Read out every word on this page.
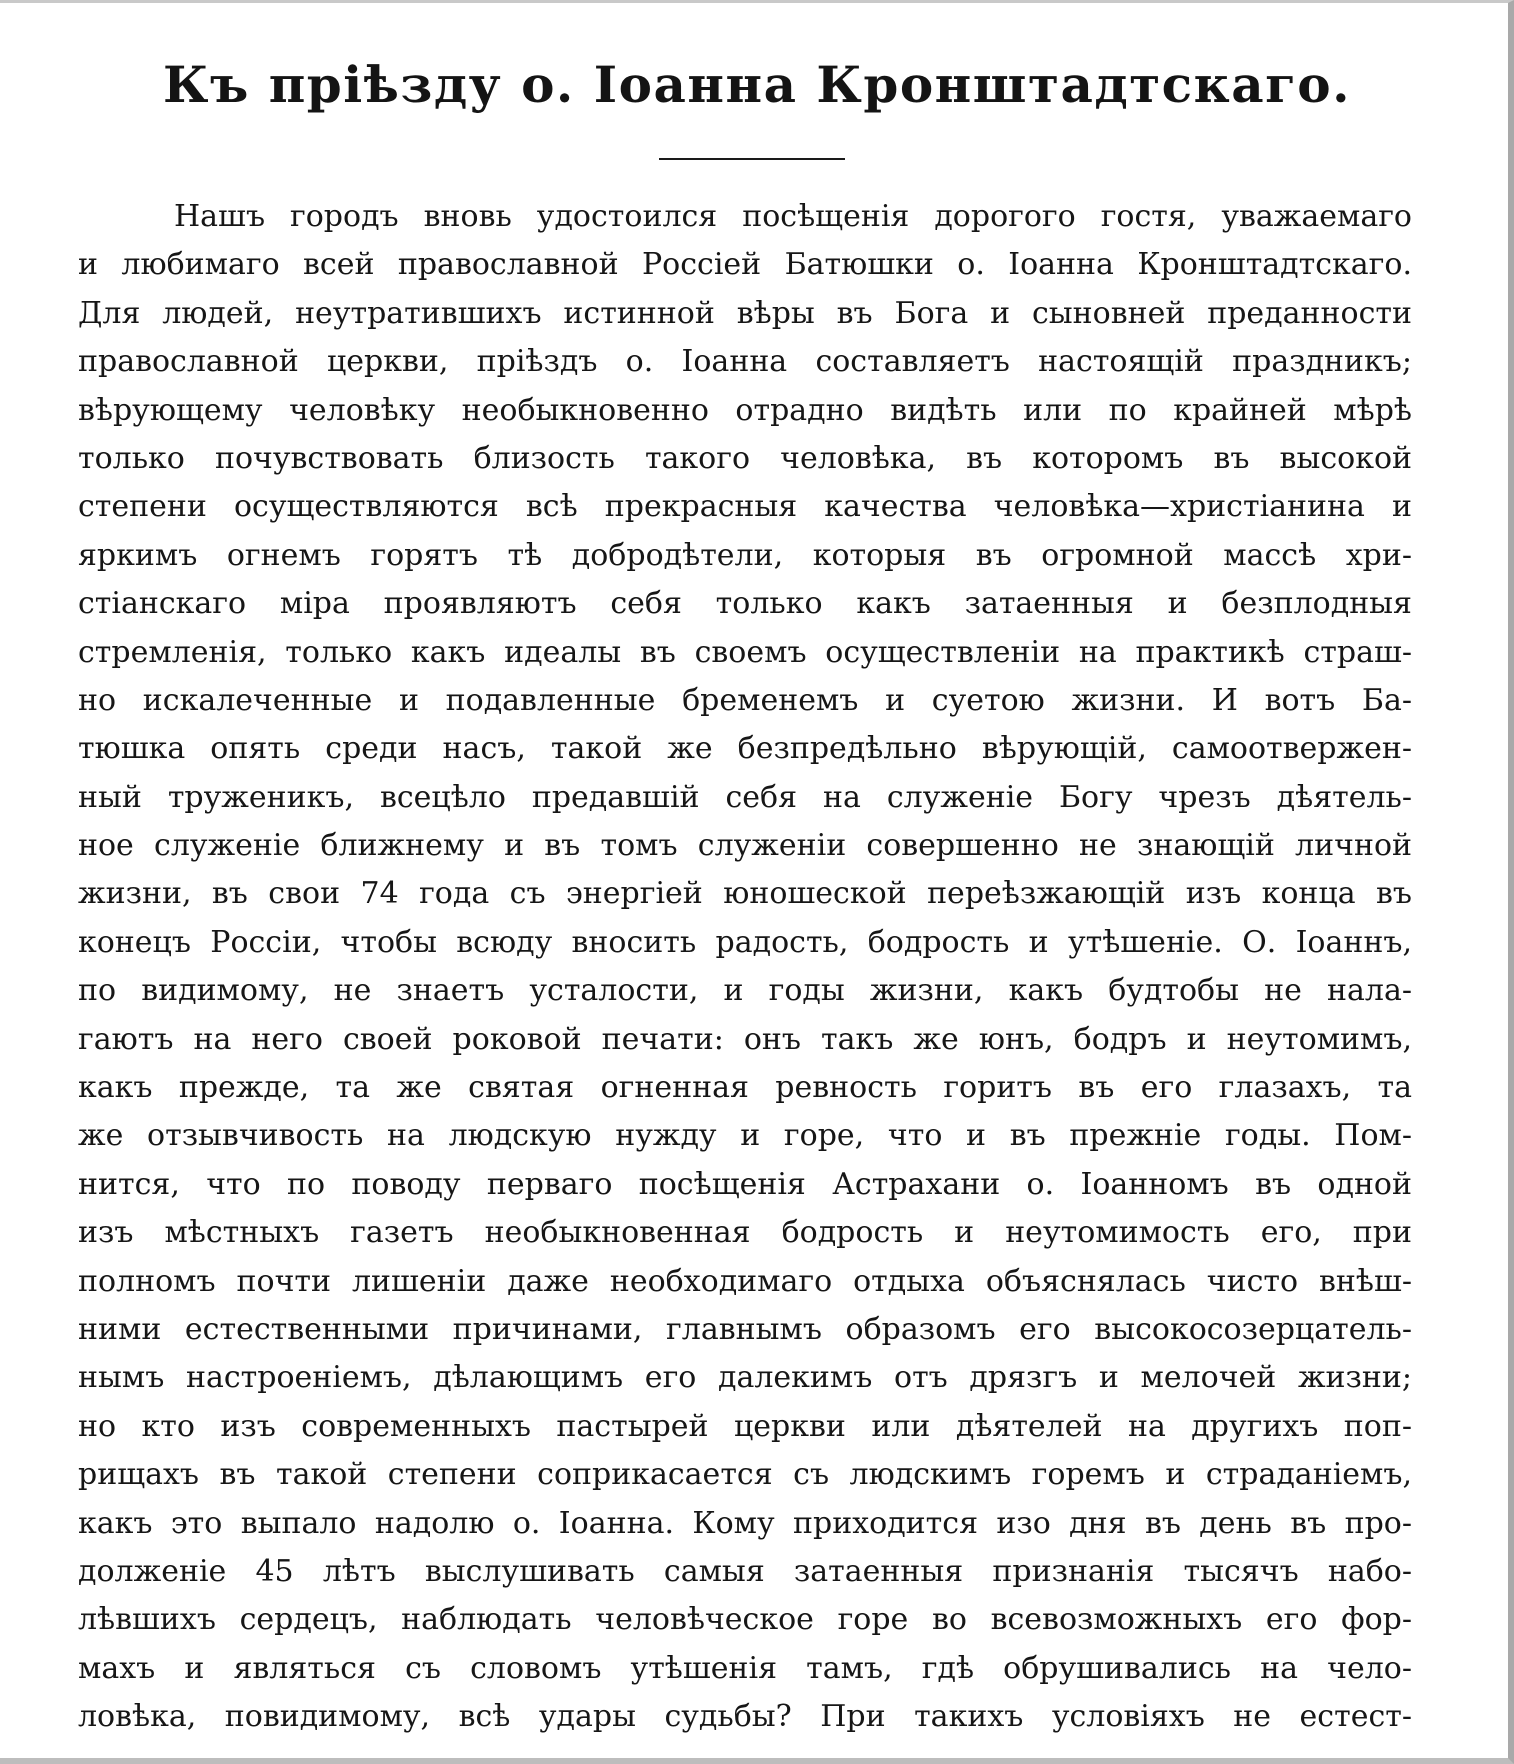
Къ пріѣзду о. Іоанна Кронштадтскаго.
Нашъ городъ вновь удостоился посѣщенія дорогого гостя, уважаемаго
и любимаго всей православной Россіей Батюшки о. Іоанна Кронштадтскаго.
Для людей, неутратившихъ истинной вѣры въ Бога и сыновней преданности
православной церкви, пріѣздъ о. Іоанна составляетъ настоящій праздникъ;
вѣрующему человѣку необыкновенно отрадно видѣть или по крайней мѣрѣ
только почувствовать близость такого человѣка, въ которомъ въ высокой
степени осуществляются всѣ прекрасныя качества человѣка—христіанина и
яркимъ огнемъ горятъ тѣ добродѣтели, которыя въ огромной массѣ хри-
стіанскаго міра проявляютъ себя только какъ затаенныя и безплодныя
стремленія, только какъ идеалы въ своемъ осуществленіи на практикѣ страш-
но искалеченные и подавленные бременемъ и суетою жизни. И вотъ Ба-
тюшка опять среди насъ, такой же безпредѣльно вѣрующій, самоотвержен-
ный труженикъ, всецѣло предавшій себя на служеніе Богу чрезъ дѣятель-
ное служеніе ближнему и въ томъ служеніи совершенно не знающій личной
жизни, въ свои 74 года съ энергіей юношеской переѣзжающій изъ конца въ
конецъ Россіи, чтобы всюду вносить радость, бодрость и утѣшеніе. О. Іоаннъ,
по видимому, не знаетъ усталости, и годы жизни, какъ будтобы не нала-
гаютъ на него своей роковой печати: онъ такъ же юнъ, бодръ и неутомимъ,
какъ прежде, та же святая огненная ревность горитъ въ его глазахъ, та
же отзывчивость на людскую нужду и горе, что и въ прежніе годы. Пом-
нится, что по поводу перваго посѣщенія Астрахани о. Іоанномъ въ одной
изъ мѣстныхъ газетъ необыкновенная бодрость и неутомимость его, при
полномъ почти лишеніи даже необходимаго отдыха объяснялась чисто внѣш-
ними естественными причинами, главнымъ образомъ его высокосозерцатель-
нымъ настроеніемъ, дѣлающимъ его далекимъ отъ дрязгъ и мелочей жизни;
но кто изъ современныхъ пастырей церкви или дѣятелей на другихъ поп-
рищахъ въ такой степени соприкасается съ людскимъ горемъ и страданіемъ,
какъ это выпало надолю о. Іоанна. Кому приходится изо дня въ день въ про-
долженіе 45 лѣтъ выслушивать самыя затаенныя признанія тысячъ набо-
лѣвшихъ сердецъ, наблюдать человѣческое горе во всевозможныхъ его фор-
махъ и являться съ словомъ утѣшенія тамъ, гдѣ обрушивались на чело-
ловѣка, повидимому, всѣ удары судьбы? При такихъ условіяхъ не естест-
